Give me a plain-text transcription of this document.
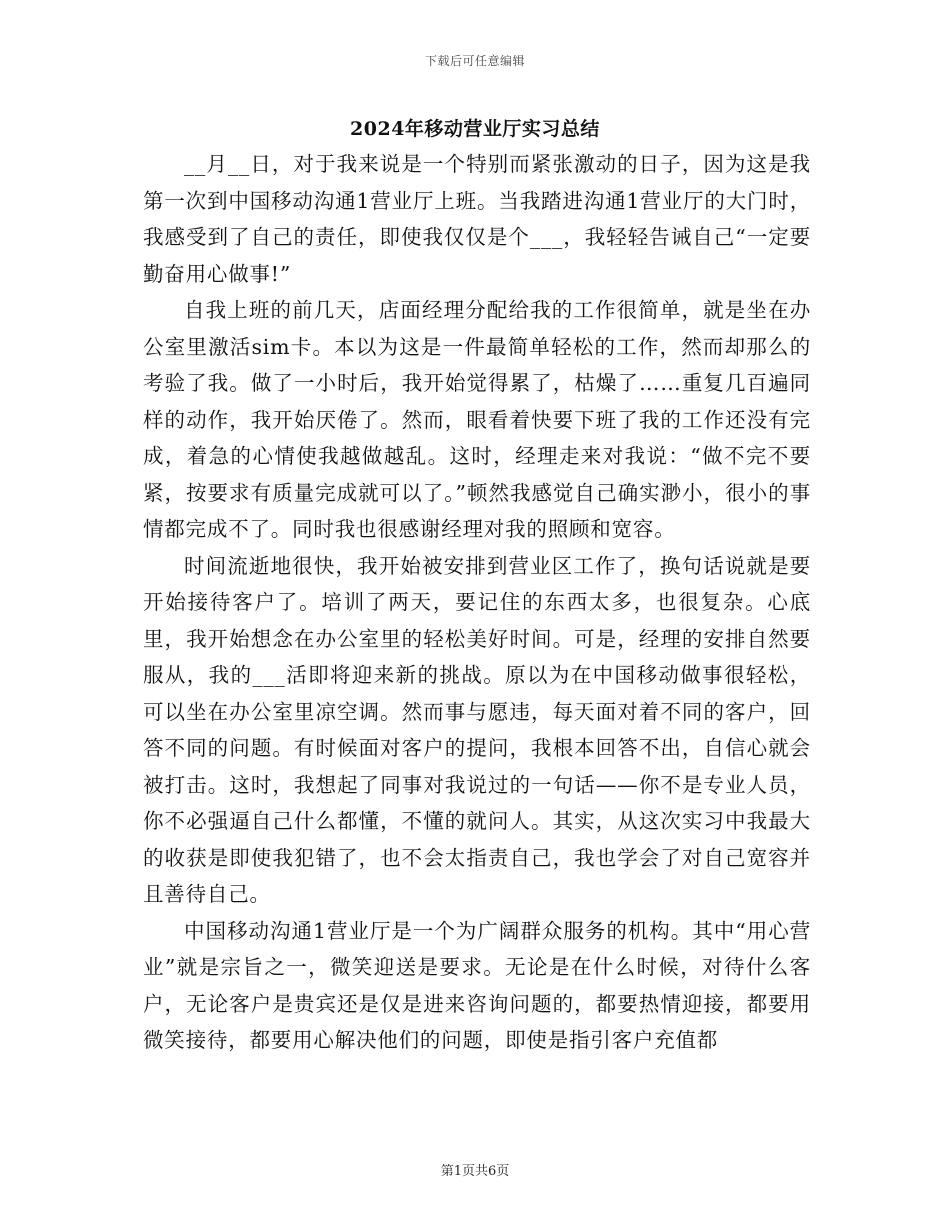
下载后可任意编辑
2024年移动营业厅实习总结

__月__日，对于我来说是一个特别而紧张激动的日子，因为这是我第一次到中国移动沟通1营业厅上班。当我踏进沟通1营业厅的大门时，我感受到了自己的责任，即使我仅仅是个___，我轻轻告诫自己“一定要勤奋用心做事!”

自我上班的前几天，店面经理分配给我的工作很简单，就是坐在办公室里激活sim卡。本以为这是一件最简单轻松的工作，然而却那么的考验了我。做了一小时后，我开始觉得累了，枯燥了……重复几百遍同样的动作，我开始厌倦了。然而，眼看着快要下班了我的工作还没有完成，着急的心情使我越做越乱。这时，经理走来对我说：“做不完不要紧，按要求有质量完成就可以了。”顿然我感觉自己确实渺小，很小的事情都完成不了。同时我也很感谢经理对我的照顾和宽容。

时间流逝地很快，我开始被安排到营业区工作了，换句话说就是要开始接待客户了。培训了两天，要记住的东西太多，也很复杂。心底里，我开始想念在办公室里的轻松美好时间。可是，经理的安排自然要服从，我的___活即将迎来新的挑战。原以为在中国移动做事很轻松，可以坐在办公室里凉空调。然而事与愿违，每天面对着不同的客户，回答不同的问题。有时候面对客户的提问，我根本回答不出，自信心就会被打击。这时，我想起了同事对我说过的一句话——你不是专业人员，你不必强逼自己什么都懂，不懂的就问人。其实，从这次实习中我最大的收获是即使我犯错了，也不会太指责自己，我也学会了对自己宽容并且善待自己。

中国移动沟通1营业厅是一个为广阔群众服务的机构。其中“用心营业”就是宗旨之一，微笑迎送是要求。无论是在什么时候，对待什么客户，无论客户是贵宾还是仅是进来咨询问题的，都要热情迎接，都要用微笑接待，都要用心解决他们的问题，即使是指引客户充值都

第1页共6页
